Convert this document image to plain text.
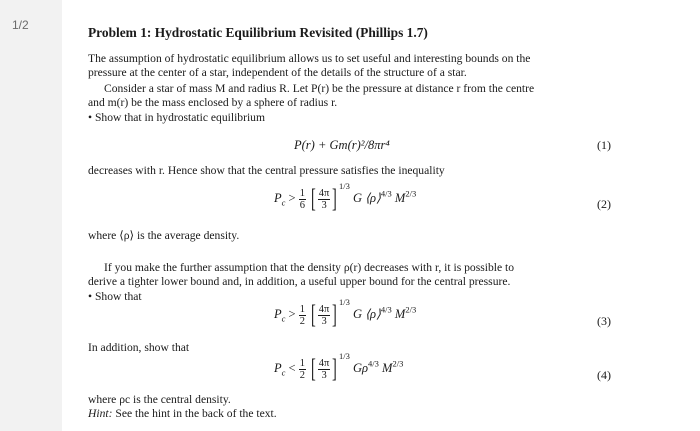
1/2	Problem 1: Hydrostatic Equilibrium Revisited (Phillips 1.7)
The assumption of hydrostatic equilibrium allows us to set useful and interesting bounds on the
pressure at the center of a star, independent of the details of the structure of a star.
Consider a star of mass M and radius R. Let P(r) be the pressure at distance r from the centre
and m(r) be the mass enclosed by a sphere of radius r.
• Show that in hydrostatic equilibrium
P(r) + Gm(r)²/8πr⁴	(1)
decreases with r. Hence show that the central pressure satisfies the inequality
$P_c > \frac{1}{6}$ [ $\frac{4\pi}{3}$ ] $^{1/3}$ G ⟨ρ⟩$^{4/3}$ $M^{2/3}$
(2)
where ⟨ρ⟩ is the average density.
If you make the further assumption that the density ρ(r) decreases with r, it is possible to
derive a tighter lower bound and, in addition, a useful upper bound for the central pressure.
• Show that
$P_c > \frac{1}{2}$ [ $\frac{4\pi}{3}$ ] $^{1/3}$ G ⟨ρ⟩$^{4/3}$ $M^{2/3}$
(3)
In addition, show that
$P_c < \frac{1}{2}$ [ $\frac{4\pi}{3}$ ] $^{1/3}$ $G\rho^{4/3}$ $M^{2/3}$
(4)
where ρc is the central density.
Hint: See the hint in the back of the text.
